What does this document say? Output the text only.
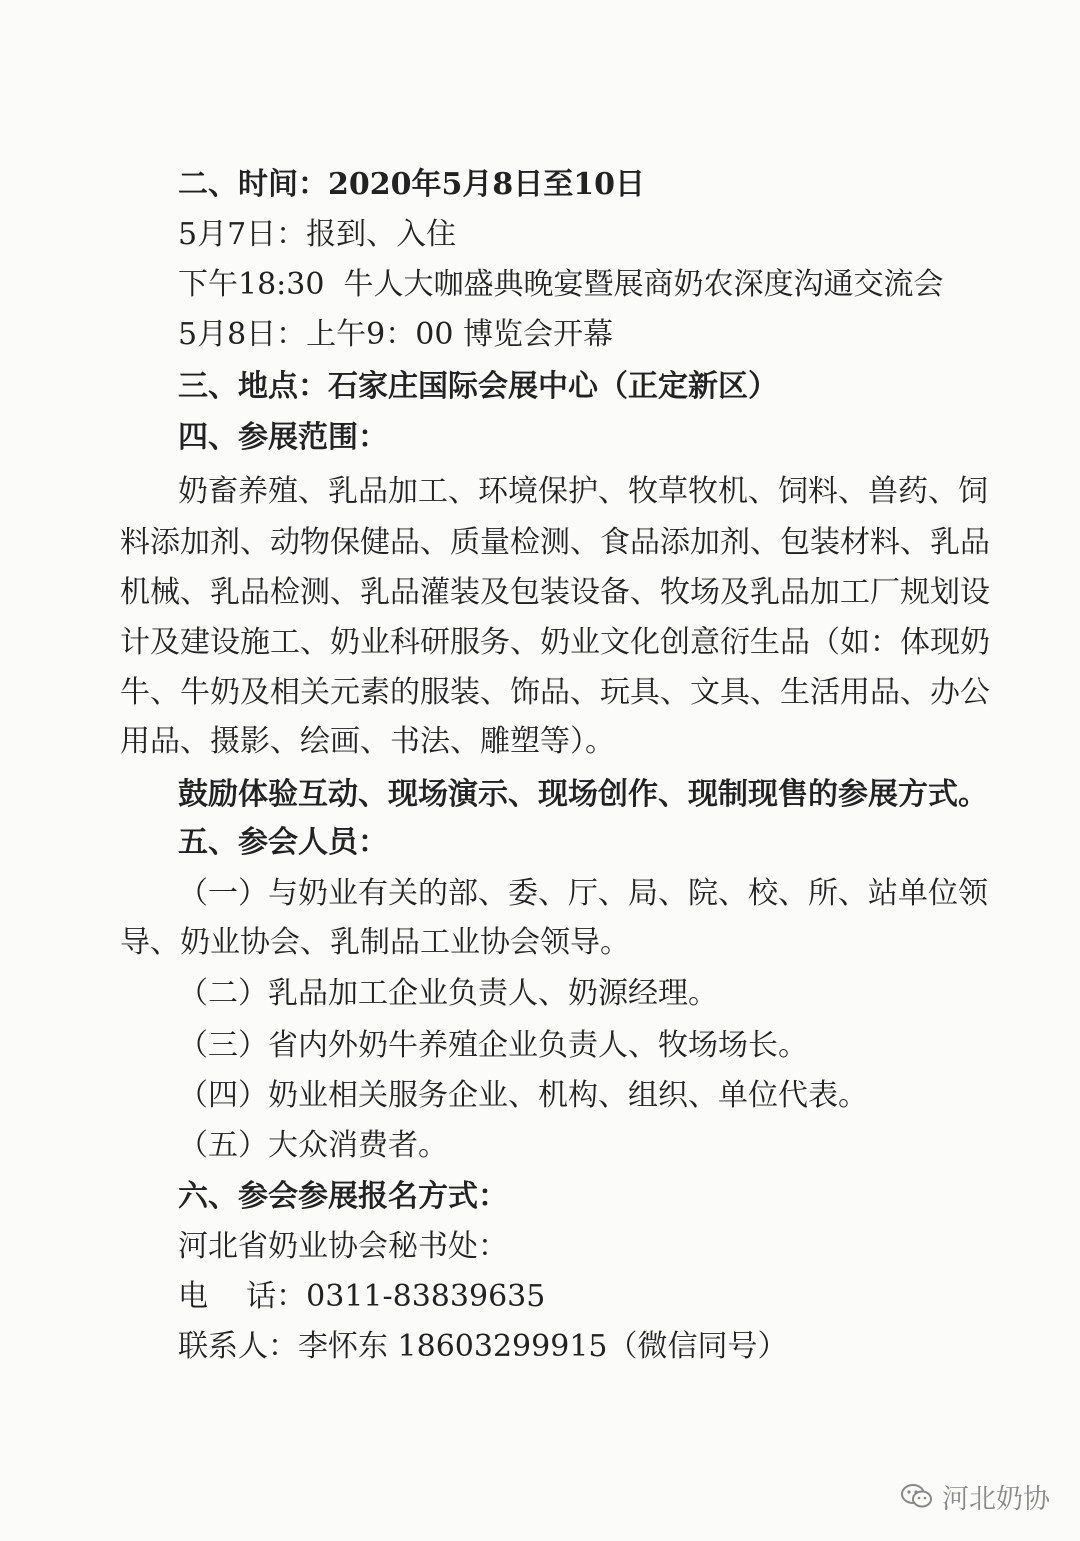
二、时间：2020年5月8日至10日
5月7日：报到、入住
下午18:30  牛人大咖盛典晚宴暨展商奶农深度沟通交流会
5月8日：上午9：00 博览会开幕
三、地点：石家庄国际会展中心（正定新区）
四、参展范围：
奶畜养殖、乳品加工、环境保护、牧草牧机、饲料、兽药、饲
料添加剂、动物保健品、质量检测、食品添加剂、包装材料、乳品
机械、乳品检测、乳品灌装及包装设备、牧场及乳品加工厂规划设
计及建设施工、奶业科研服务、奶业文化创意衍生品（如：体现奶
牛、牛奶及相关元素的服装、饰品、玩具、文具、生活用品、办公
用品、摄影、绘画、书法、雕塑等）。
鼓励体验互动、现场演示、现场创作、现制现售的参展方式。
五、参会人员：
（一）与奶业有关的部、委、厅、局、院、校、所、站单位领
导、奶业协会、乳制品工业协会领导。
（二）乳品加工企业负责人、奶源经理。
（三）省内外奶牛养殖企业负责人、牧场场长。
（四）奶业相关服务企业、机构、组织、单位代表。
（五）大众消费者。
六、参会参展报名方式：
河北省奶业协会秘书处：
电    话：0311-83839635
联系人：李怀东 18603299915（微信同号）
河北奶协
